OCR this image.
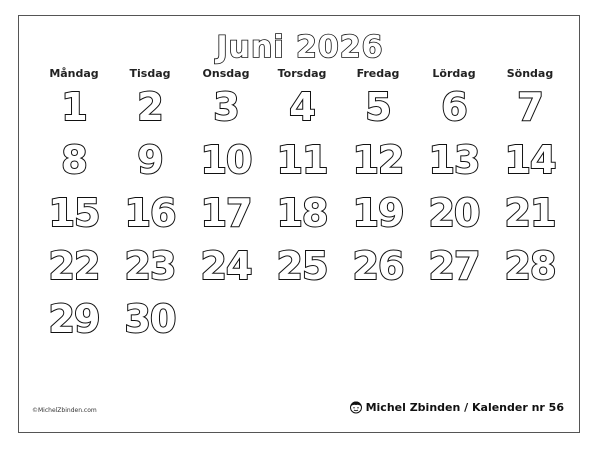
Juni 2026
Måndag	Tisdag	Onsdag	Torsdag	Fredag	Lördag	Söndag
1	2	3	4	5	6	7
8	9 10 11 12 13 14
15 16 17 18 19 20 21
22 23 24 25 26 27 28
29 30
©MichelZbinden.com	Michel Zbinden / Kalender nr 56
